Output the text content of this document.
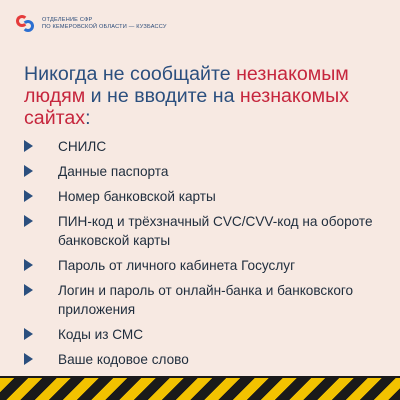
ОТДЕЛЕНИЕ СФР
ПО КЕМЕРОВСКОЙ ОБЛАСТИ — КУЗБАССУ
Никогда не сообщайте незнакомым людям и не вводите на незнакомых сайтах:
СНИЛС
Данные паспорта
Номер банковской карты
ПИН-код и трёхзначный CVC/CVV-код на обороте банковской карты
Пароль от личного кабинета Госуслуг
Логин и пароль от онлайн-банка и банковского приложения
Коды из СМС
Ваше кодовое слово
